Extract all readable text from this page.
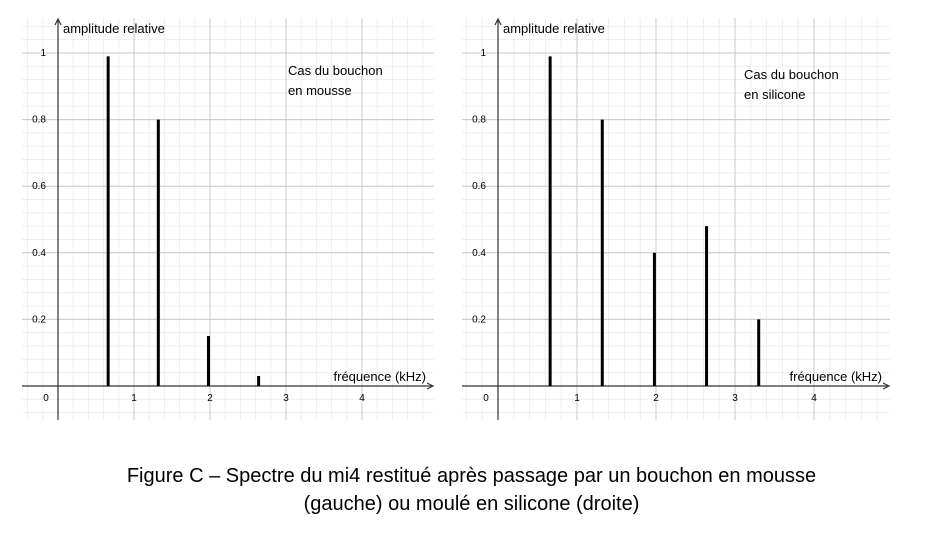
0	1	2	3	4
0.2
0.4
0.6
0.8
1
amplitude relative
fréquence (kHz)
Cas du bouchon
en mousse
0	1	2	3	4
0.2
0.4
0.6
0.8
1
amplitude relative
fréquence (kHz)
Cas du bouchon
en silicone
Figure C – Spectre du mi4 restitué après passage par un bouchon en mousse
(gauche) ou moulé en silicone (droite)
